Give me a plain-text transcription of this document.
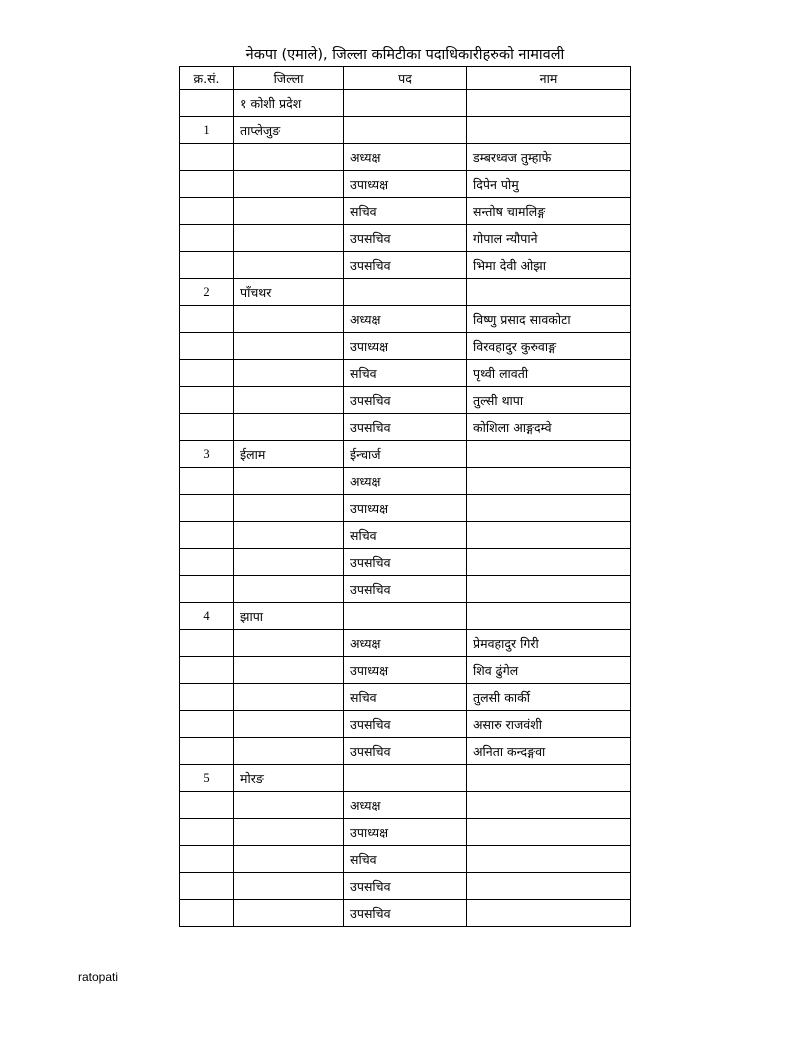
नेकपा (एमाले), जिल्ला कमिटीका पदाधिकारीहरुको नामावली
क्र.सं.	जिल्ला	पद	नाम
	१ कोशी प्रदेश		
1	ताप्लेजुङ		
		अध्यक्ष	डम्बरध्वज तुम्हाफे
		उपाध्यक्ष	दिपेन पोमु
		सचिव	सन्तोष चामलिङ्ग
		उपसचिव	गोपाल न्यौपाने
		उपसचिव	भिमा देवी ओझा
2	पाँचथर		
		अध्यक्ष	विष्णु प्रसाद सावकोटा
		उपाध्यक्ष	विरवहादुर कुरुवाङ्ग
		सचिव	पृथ्वी लावती
		उपसचिव	तुल्सी थापा
		उपसचिव	कोशिला आङ्गदम्वे
3	ईलाम	ईन्चार्ज	
		अध्यक्ष	
		उपाध्यक्ष	
		सचिव	
		उपसचिव	
		उपसचिव	
4	झापा		
		अध्यक्ष	प्रेमवहादुर गिरी
		उपाध्यक्ष	शिव ढुंगेल
		सचिव	तुलसी कार्की
		उपसचिव	असारु राजवंशी
		उपसचिव	अनिता कन्दङ्गवा
5	मोरङ		
		अध्यक्ष	
		उपाध्यक्ष	
		सचिव	
		उपसचिव	
		उपसचिव	
ratopati
